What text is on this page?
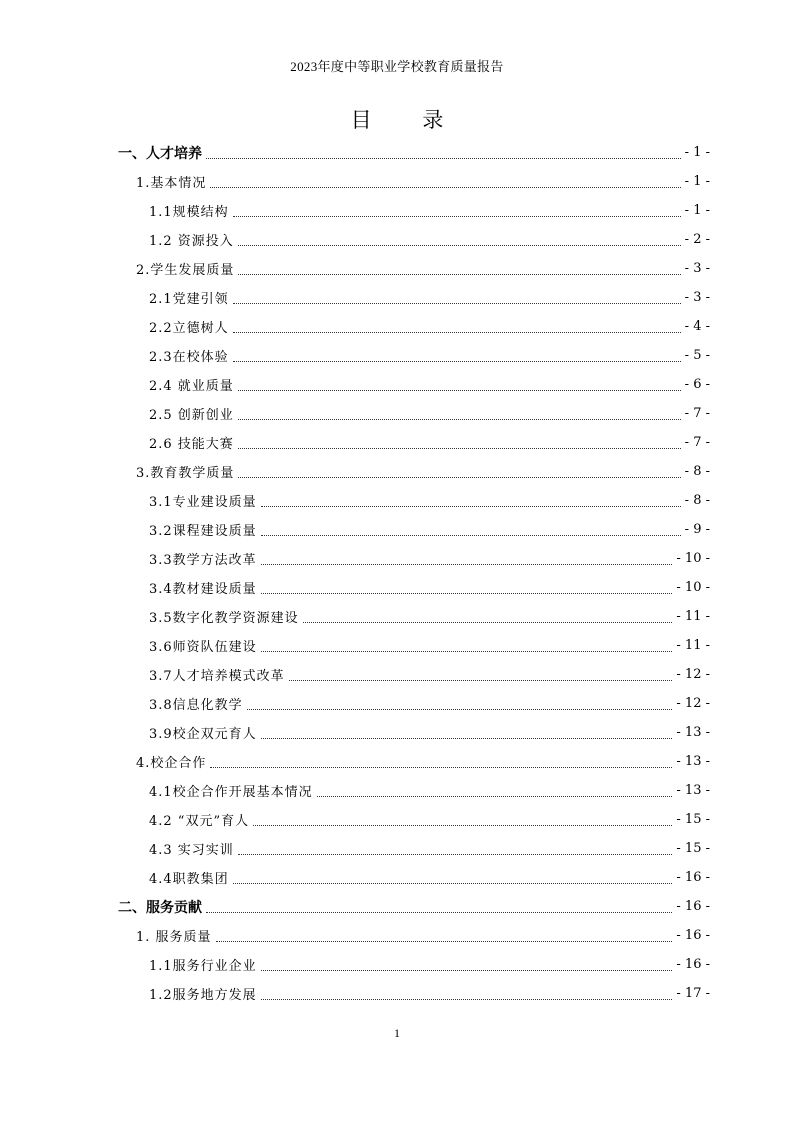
2023年度中等职业学校教育质量报告
目 录
一、人才培养	- 1 -
1.基本情况	- 1 -
1.1规模结构	- 1 -
1.2 资源投入	- 2 -
2.学生发展质量	- 3 -
2.1党建引领	- 3 -
2.2立德树人	- 4 -
2.3在校体验	- 5 -
2.4 就业质量	- 6 -
2.5 创新创业	- 7 -
2.6 技能大赛	- 7 -
3.教育教学质量	- 8 -
3.1专业建设质量	- 8 -
3.2课程建设质量	- 9 -
3.3教学方法改革	- 10 -
3.4教材建设质量	- 10 -
3.5数字化教学资源建设	- 11 -
3.6师资队伍建设	- 11 -
3.7人才培养模式改革	- 12 -
3.8信息化教学	- 12 -
3.9校企双元育人	- 13 -
4.校企合作	- 13 -
4.1校企合作开展基本情况	- 13 -
4.2 “双元”育人	- 15 -
4.3 实习实训	- 15 -
4.4职教集团	- 16 -
二、服务贡献	- 16 -
1. 服务质量	- 16 -
1.1服务行业企业	- 16 -
1.2服务地方发展	- 17 -
1
